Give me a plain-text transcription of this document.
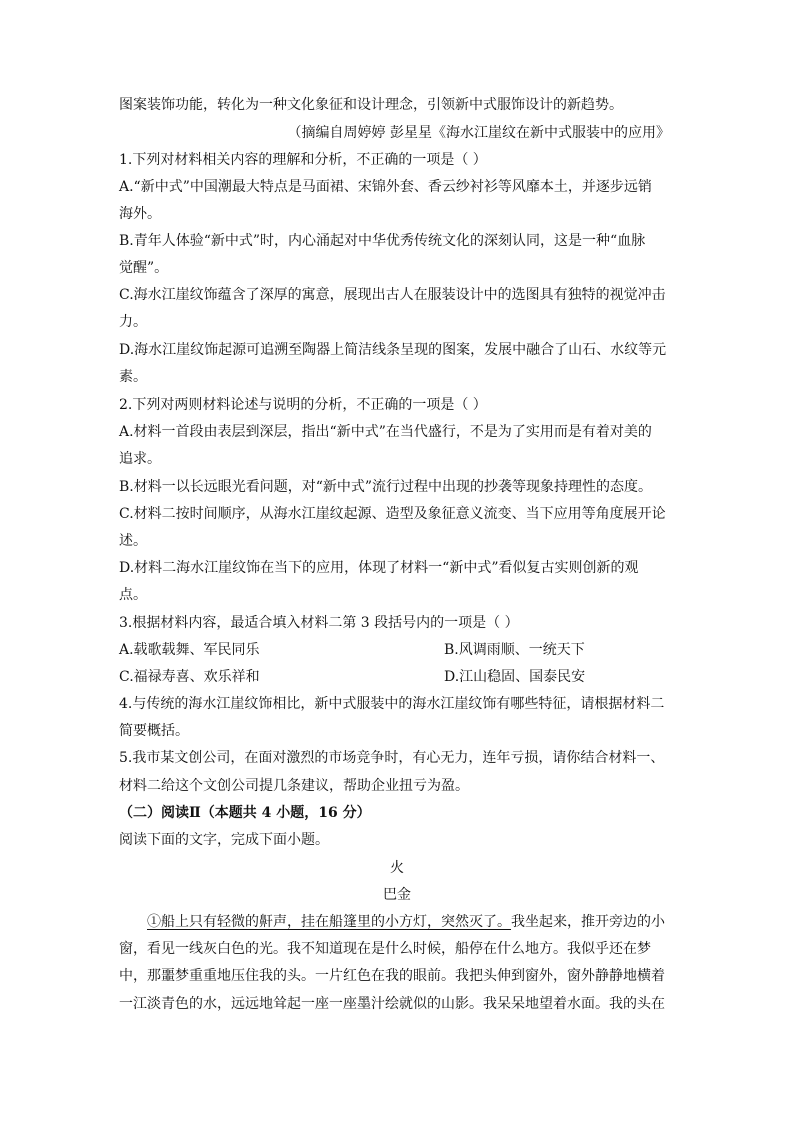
图案装饰功能，转化为一种文化象征和设计理念，引领新中式服饰设计的新趋势。
（摘编自周婷婷 彭星星《海水江崖纹在新中式服装中的应用》
1.下列对材料相关内容的理解和分析，不正确的一项是（ ）
A.“新中式”中国潮最大特点是马面裙、宋锦外套、香云纱衬衫等风靡本土，并逐步远销
海外。
B.青年人体验“新中式”时，内心涌起对中华优秀传统文化的深刻认同，这是一种“血脉
觉醒”。
C.海水江崖纹饰蕴含了深厚的寓意，展现出古人在服装设计中的选图具有独特的视觉冲击
力。
D.海水江崖纹饰起源可追溯至陶器上简洁线条呈现的图案，发展中融合了山石、水纹等元
素。
2.下列对两则材料论述与说明的分析，不正确的一项是（ ）
A.材料一首段由表层到深层，指出“新中式”在当代盛行，不是为了实用而是有着对美的
追求。
B.材料一以长远眼光看问题，对“新中式”流行过程中出现的抄袭等现象持理性的态度。
C.材料二按时间顺序，从海水江崖纹起源、造型及象征意义流变、当下应用等角度展开论
述。
D.材料二海水江崖纹饰在当下的应用，体现了材料一“新中式”看似复古实则创新的观
点。
3.根据材料内容，最适合填入材料二第 3 段括号内的一项是（ ）
A.载歌载舞、军民同乐	B.风调雨顺、一统天下
C.福禄寿喜、欢乐祥和	D.江山稳固、国泰民安
4.与传统的海水江崖纹饰相比，新中式服装中的海水江崖纹饰有哪些特征，请根据材料二
简要概括。
5.我市某文创公司，在面对激烈的市场竞争时，有心无力，连年亏损，请你结合材料一、
材料二给这个文创公司提几条建议，帮助企业扭亏为盈。
（二）阅读Ⅱ（本题共 4 小题，16 分）
阅读下面的文字，完成下面小题。
火
巴金
①船上只有轻微的鼾声，挂在船篷里的小方灯，突然灭了。我坐起来，推开旁边的小
窗，看见一线灰白色的光。我不知道现在是什么时候，船停在什么地方。我似乎还在梦
中，那噩梦重重地压住我的头。一片红色在我的眼前。我把头伸到窗外，窗外静静地横着
一江淡青色的水，远远地耸起一座一座墨汁绘就似的山影。我呆呆地望着水面。我的头在
